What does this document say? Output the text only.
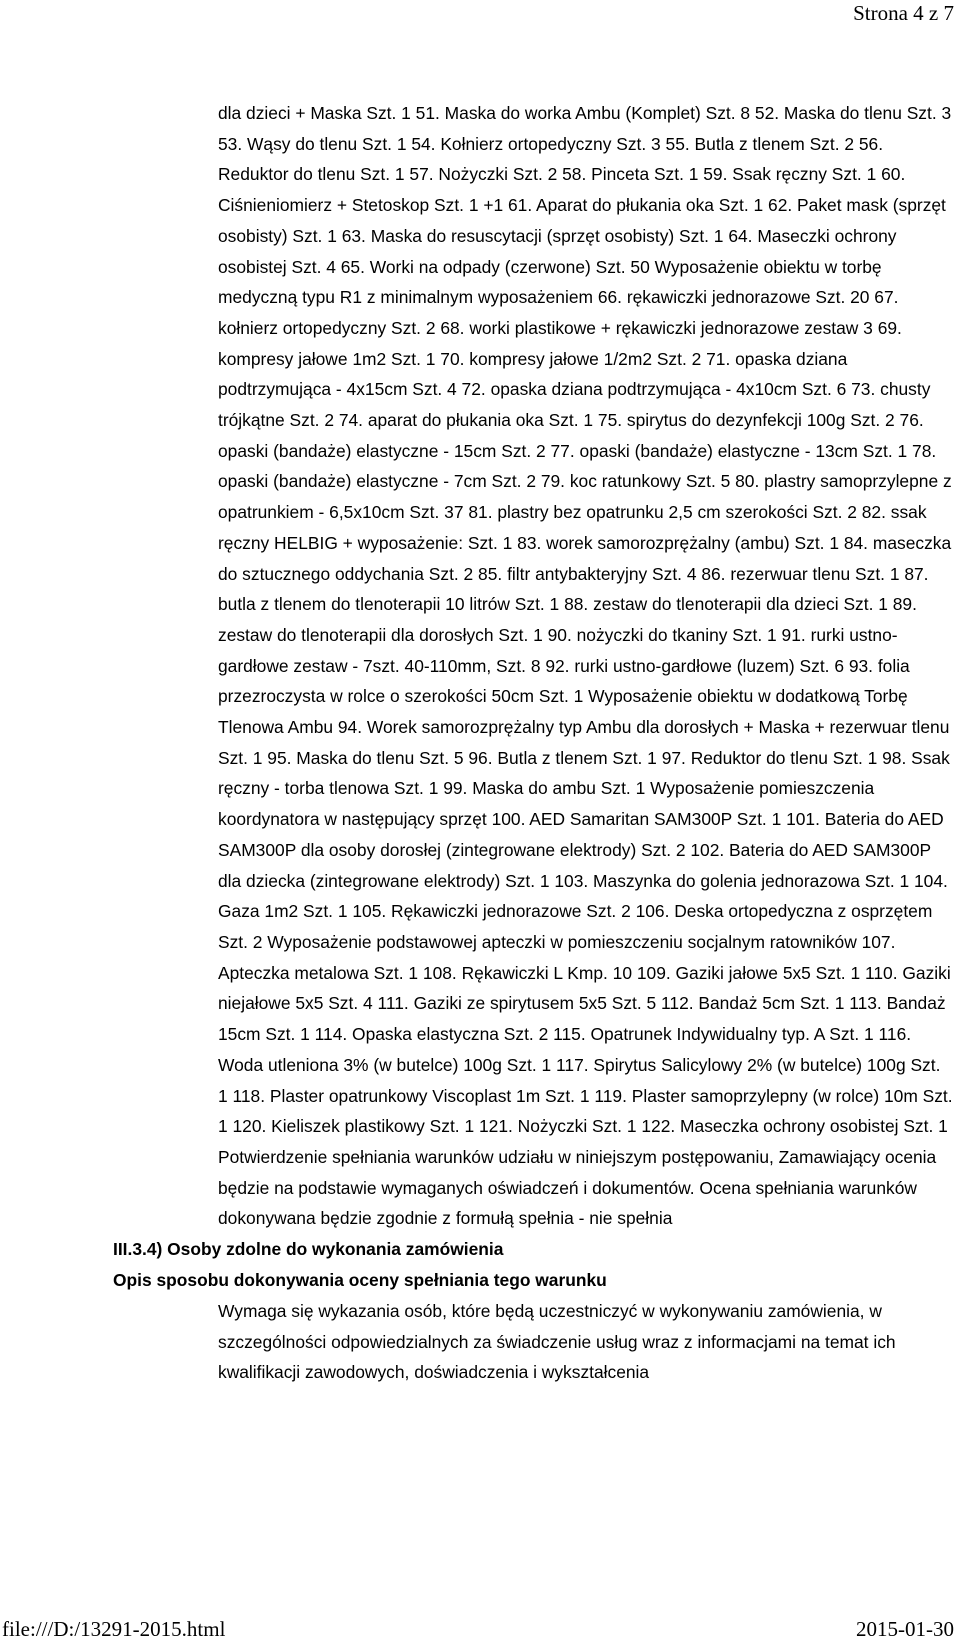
Strona 4 z 7

dla dzieci + Maska Szt. 1 51. Maska do worka Ambu (Komplet) Szt. 8 52. Maska do tlenu Szt. 3 53. Wąsy do tlenu Szt. 1 54. Kołnierz ortopedyczny Szt. 3 55. Butla z tlenem Szt. 2 56. Reduktor do tlenu Szt. 1 57. Nożyczki Szt. 2 58. Pinceta Szt. 1 59. Ssak ręczny Szt. 1 60. Ciśnieniomierz + Stetoskop Szt. 1 +1 61. Aparat do płukania oka Szt. 1 62. Paket mask (sprzęt osobisty) Szt. 1 63. Maska do resuscytacji (sprzęt osobisty) Szt. 1 64. Maseczki ochrony osobistej Szt. 4 65. Worki na odpady (czerwone) Szt. 50 Wyposażenie obiektu w torbę medyczną typu R1 z minimalnym wyposażeniem 66. rękawiczki jednorazowe Szt. 20 67. kołnierz ortopedyczny Szt. 2 68. worki plastikowe + rękawiczki jednorazowe zestaw 3 69. kompresy jałowe 1m2 Szt. 1 70. kompresy jałowe 1/2m2 Szt. 2 71. opaska dziana podtrzymująca - 4x15cm Szt. 4 72. opaska dziana podtrzymująca - 4x10cm Szt. 6 73. chusty trójkątne Szt. 2 74. aparat do płukania oka Szt. 1 75. spirytus do dezynfekcji 100g Szt. 2 76. opaski (bandaże) elastyczne - 15cm Szt. 2 77. opaski (bandaże) elastyczne - 13cm Szt. 1 78. opaski (bandaże) elastyczne - 7cm Szt. 2 79. koc ratunkowy Szt. 5 80. plastry samoprzylepne z opatrunkiem - 6,5x10cm Szt. 37 81. plastry bez opatrunku 2,5 cm szerokości Szt. 2 82. ssak ręczny HELBIG + wyposażenie: Szt. 1 83. worek samorozprężalny (ambu) Szt. 1 84. maseczka do sztucznego oddychania Szt. 2 85. filtr antybakteryjny Szt. 4 86. rezerwuar tlenu Szt. 1 87. butla z tlenem do tlenoterapii 10 litrów Szt. 1 88. zestaw do tlenoterapii dla dzieci Szt. 1 89. zestaw do tlenoterapii dla dorosłych Szt. 1 90. nożyczki do tkaniny Szt. 1 91. rurki ustno-gardłowe zestaw - 7szt. 40-110mm, Szt. 8 92. rurki ustno-gardłowe (luzem) Szt. 6 93. folia przezroczysta w rolce o szerokości 50cm Szt. 1 Wyposażenie obiektu w dodatkową Torbę Tlenowa Ambu 94. Worek samorozprężalny typ Ambu dla dorosłych + Maska + rezerwuar tlenu Szt. 1 95. Maska do tlenu Szt. 5 96. Butla z tlenem Szt. 1 97. Reduktor do tlenu Szt. 1 98. Ssak ręczny - torba tlenowa Szt. 1 99. Maska do ambu Szt. 1 Wyposażenie pomieszczenia koordynatora w następujący sprzęt 100. AED Samaritan SAM300P Szt. 1 101. Bateria do AED SAM300P dla osoby dorosłej (zintegrowane elektrody) Szt. 2 102. Bateria do AED SAM300P dla dziecka (zintegrowane elektrody) Szt. 1 103. Maszynka do golenia jednorazowa Szt. 1 104. Gaza 1m2 Szt. 1 105. Rękawiczki jednorazowe Szt. 2 106. Deska ortopedyczna z osprzętem Szt. 2 Wyposażenie podstawowej apteczki w pomieszczeniu socjalnym ratowników 107. Apteczka metalowa Szt. 1 108. Rękawiczki L Kmp. 10 109. Gaziki jałowe 5x5 Szt. 1 110. Gaziki niejałowe 5x5 Szt. 4 111. Gaziki ze spirytusem 5x5 Szt. 5 112. Bandaż 5cm Szt. 1 113. Bandaż 15cm Szt. 1 114. Opaska elastyczna Szt. 2 115. Opatrunek Indywidualny typ. A Szt. 1 116. Woda utleniona 3% (w butelce) 100g Szt. 1 117. Spirytus Salicylowy 2% (w butelce) 100g Szt. 1 118. Plaster opatrunkowy Viscoplast 1m Szt. 1 119. Plaster samoprzylepny (w rolce) 10m Szt. 1 120. Kieliszek plastikowy Szt. 1 121. Nożyczki Szt. 1 122. Maseczka ochrony osobistej Szt. 1 Potwierdzenie spełniania warunków udziału w niniejszym postępowaniu, Zamawiający ocenia będzie na podstawie wymaganych oświadczeń i dokumentów. Ocena spełniania warunków dokonywana będzie zgodnie z formułą spełnia - nie spełnia

III.3.4) Osoby zdolne do wykonania zamówienia

Opis sposobu dokonywania oceny spełniania tego warunku

Wymaga się wykazania osób, które będą uczestniczyć w wykonywaniu zamówienia, w szczególności odpowiedzialnych za świadczenie usług wraz z informacjami na temat ich kwalifikacji zawodowych, doświadczenia i wykształcenia

file:///D:/13291-2015.html	2015-01-30
